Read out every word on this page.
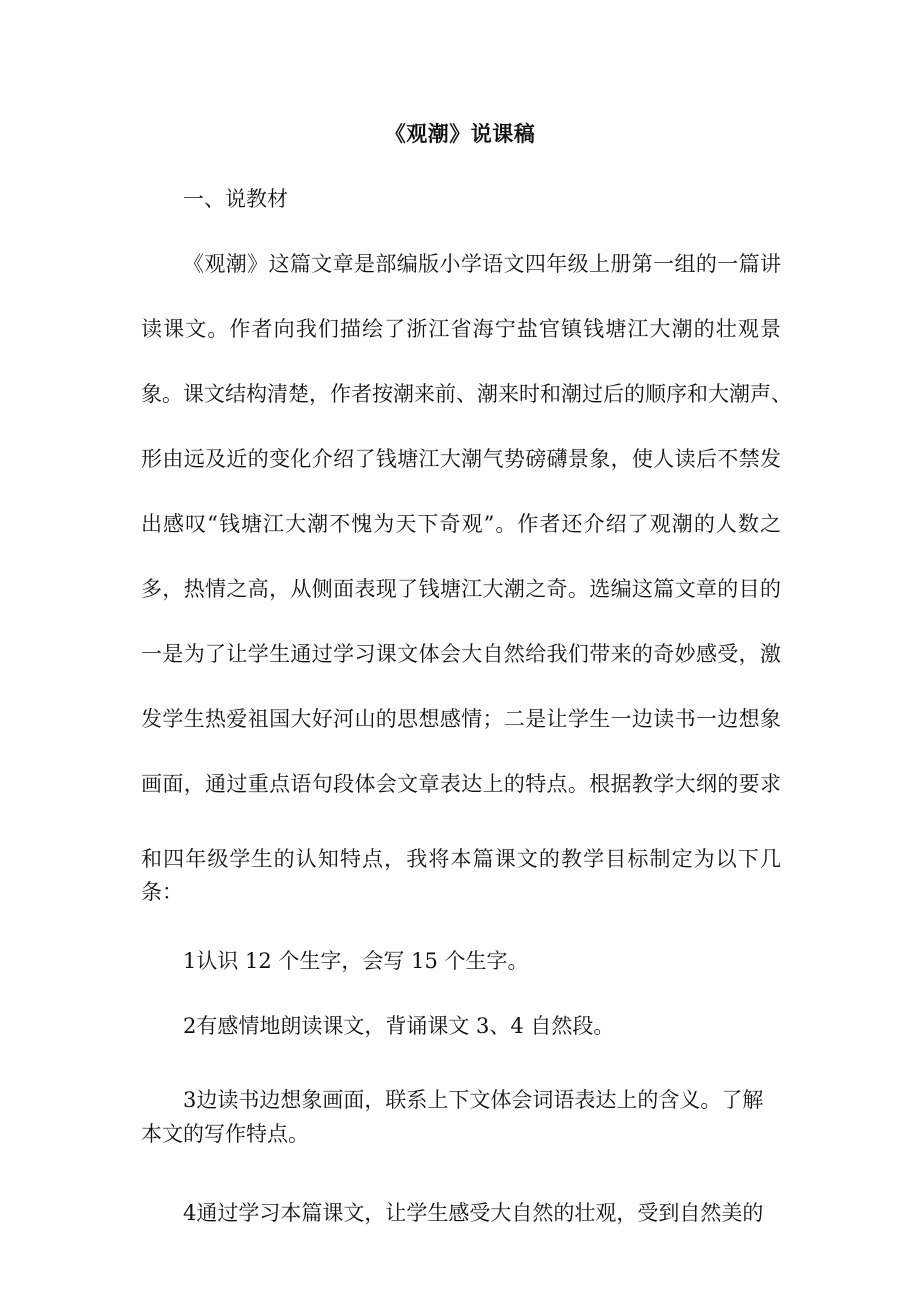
《观潮》说课稿
一、说教材

《观潮》这篇文章是部编版小学语文四年级上册第一组的一篇讲

读课文。作者向我们描绘了浙江省海宁盐官镇钱塘江大潮的壮观景

象。课文结构清楚，作者按潮来前、潮来时和潮过后的顺序和大潮声、

形由远及近的变化介绍了钱塘江大潮气势磅礴景象，使人读后不禁发

出感叹“钱塘江大潮不愧为天下奇观”。作者还介绍了观潮的人数之

多，热情之高，从侧面表现了钱塘江大潮之奇。选编这篇文章的目的

一是为了让学生通过学习课文体会大自然给我们带来的奇妙感受，激

发学生热爱祖国大好河山的思想感情；二是让学生一边读书一边想象

画面，通过重点语句段体会文章表达上的特点。根据教学大纲的要求

和四年级学生的认知特点，我将本篇课文的教学目标制定为以下几

条：

1认识 12 个生字，会写 15 个生字。

2有感情地朗读课文，背诵课文 3、4 自然段。

3边读书边想象画面，联系上下文体会词语表达上的含义。了解

本文的写作特点。

4通过学习本篇课文，让学生感受大自然的壮观，受到自然美的
